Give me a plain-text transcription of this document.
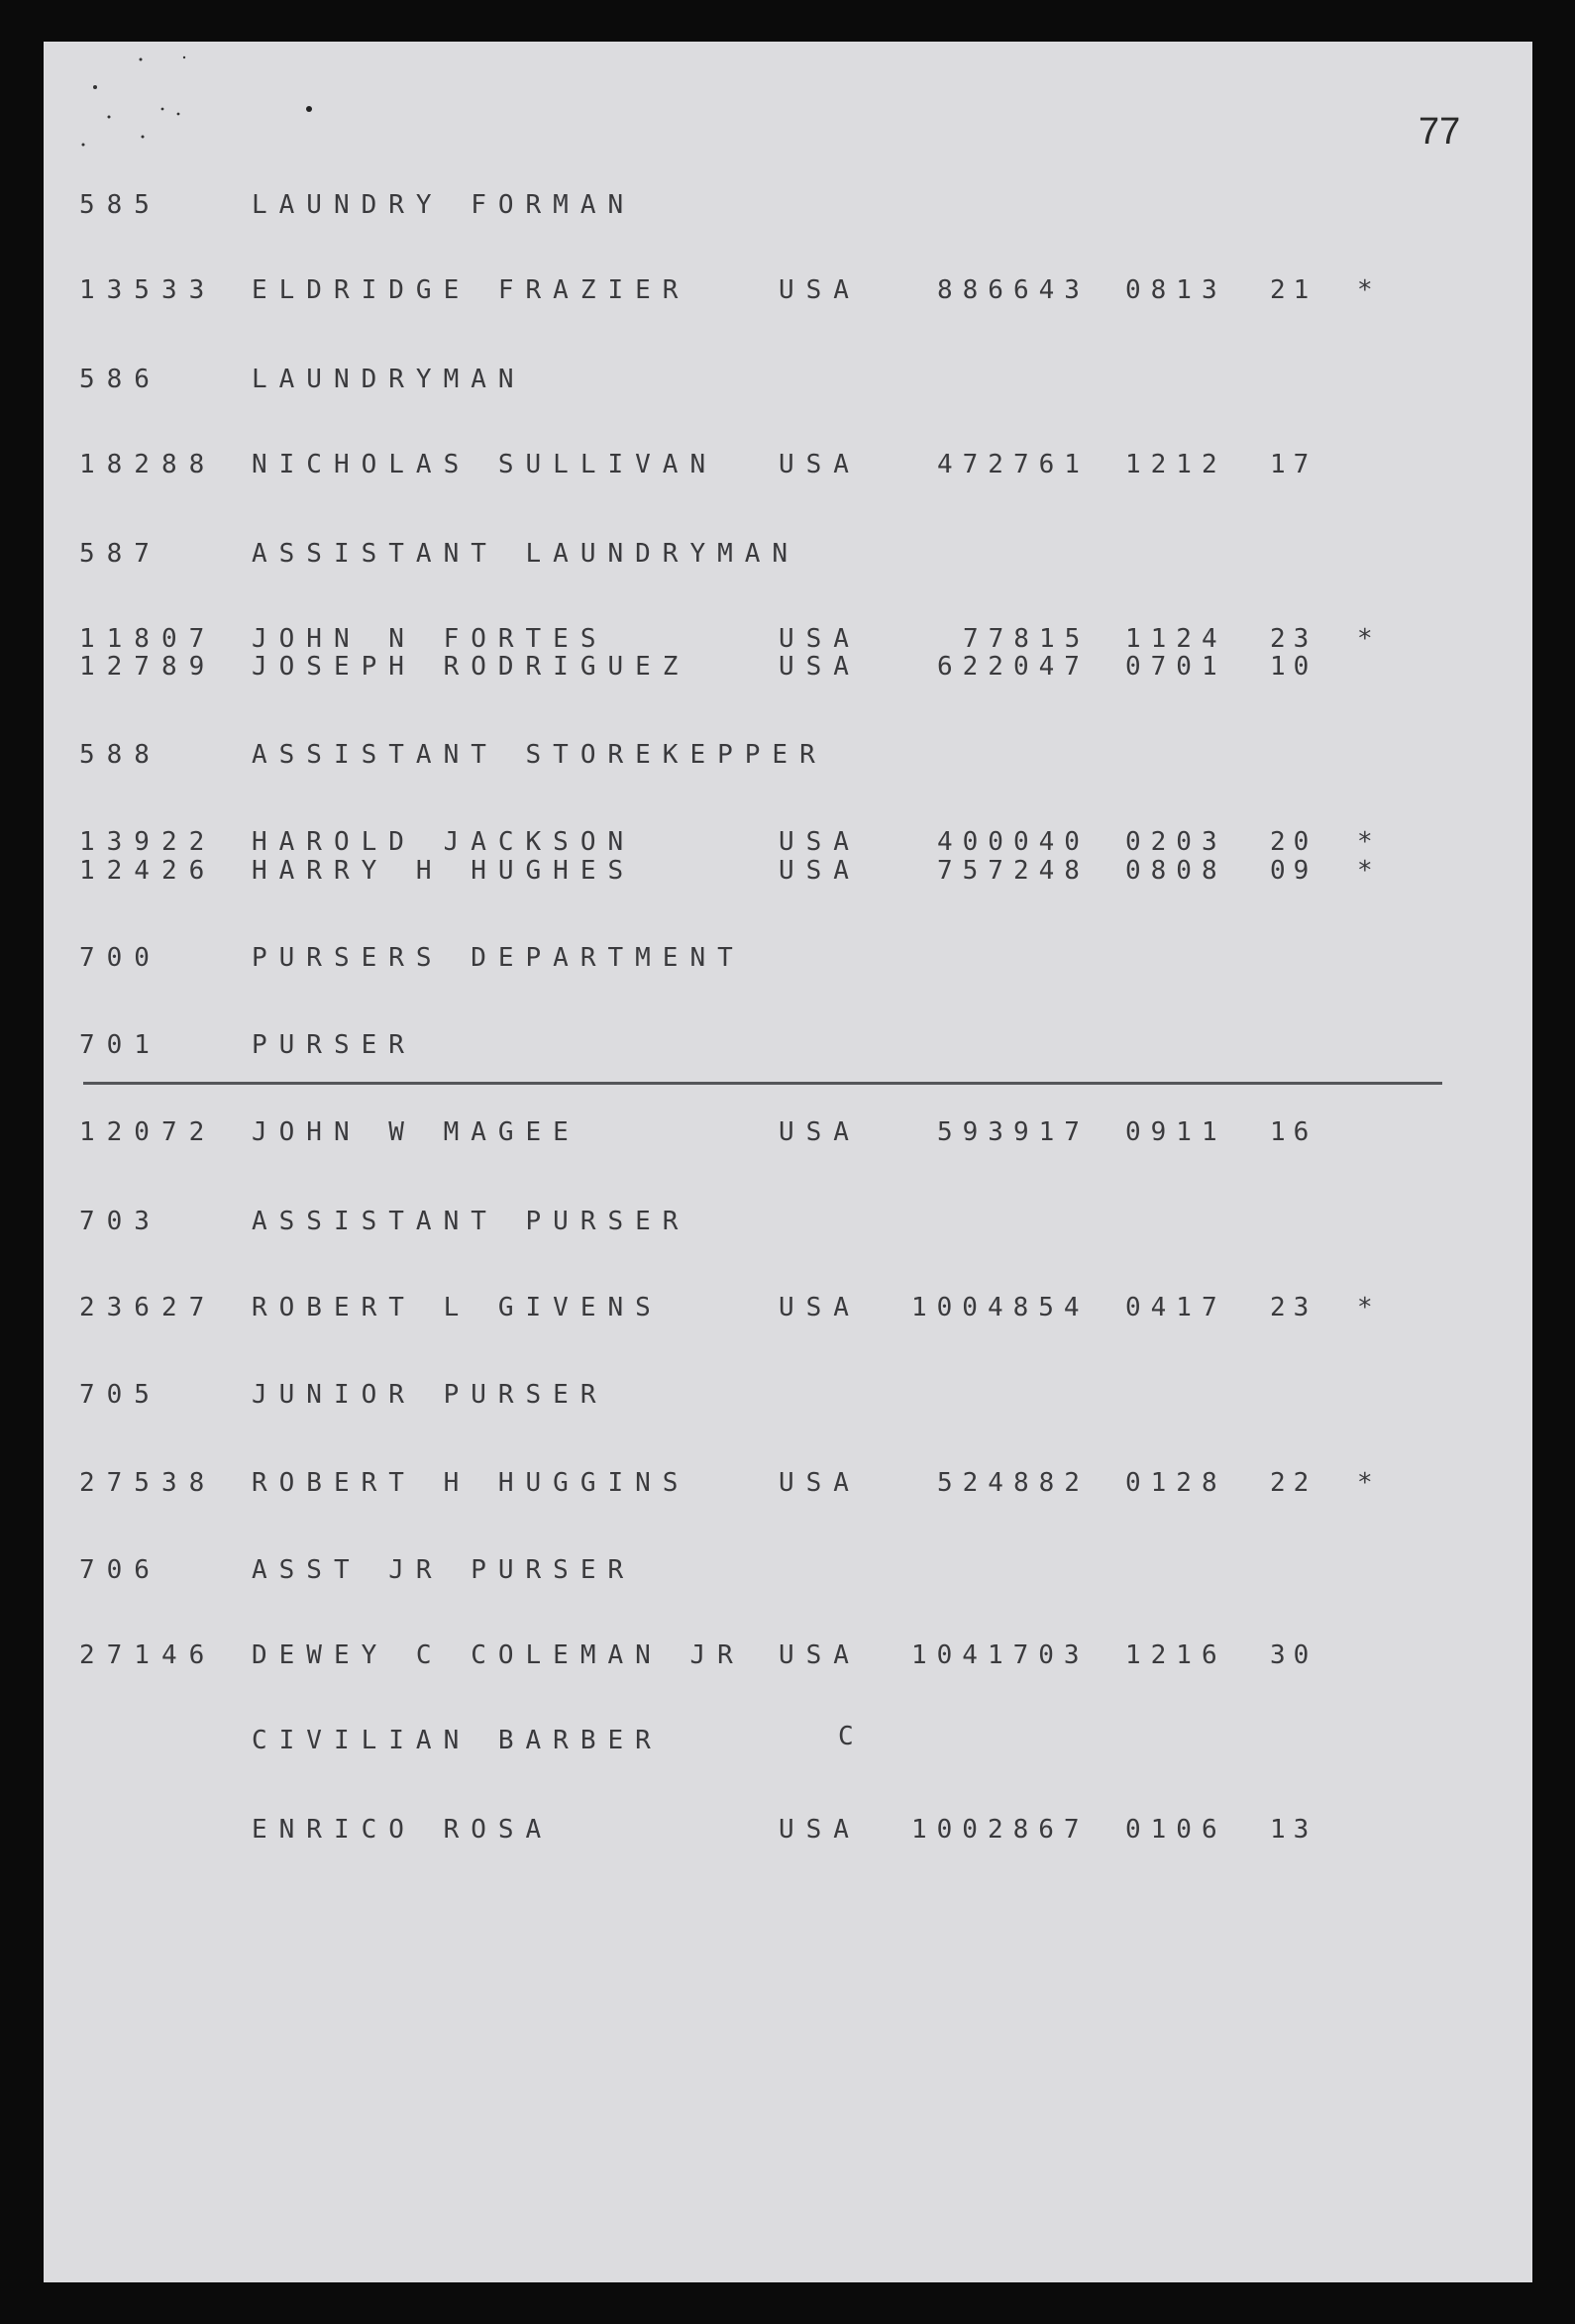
77
585	LAUNDRY FORMAN
13533 ELDRIDGE FRAZIER	USA	886643 0813 21 *
586	LAUNDRYMAN
18288 NICHOLAS SULLIVAN USA	472761 1212 17
587	ASSISTANT LAUNDRYMAN
11807 JOHN N FORTES	USA	77815 1124 23 *
12789 JOSEPH RODRIGUEZ	USA	622047 0701 10
588	ASSISTANT STOREKEPPER
13922 HAROLD JACKSON	USA	400040 0203 20 *
12426 HARRY H HUGHES	USA	757248 0808 09 *
700	PURSERS DEPARTMENT
701	PURSER
12072 JOHN W MAGEE	USA	593917 0911 16
703	ASSISTANT PURSER
23627 ROBERT L GIVENS	USA 1004854 0417 23 *
705	JUNIOR PURSER
27538 ROBERT H HUGGINS	USA	524882 0128 22 *
706	ASST JR PURSER
27146 DEWEY C COLEMAN JR USA 1041703 1216 30
CIVILIAN BARBER	C
ENRICO ROSA	USA 1002867 0106 13
